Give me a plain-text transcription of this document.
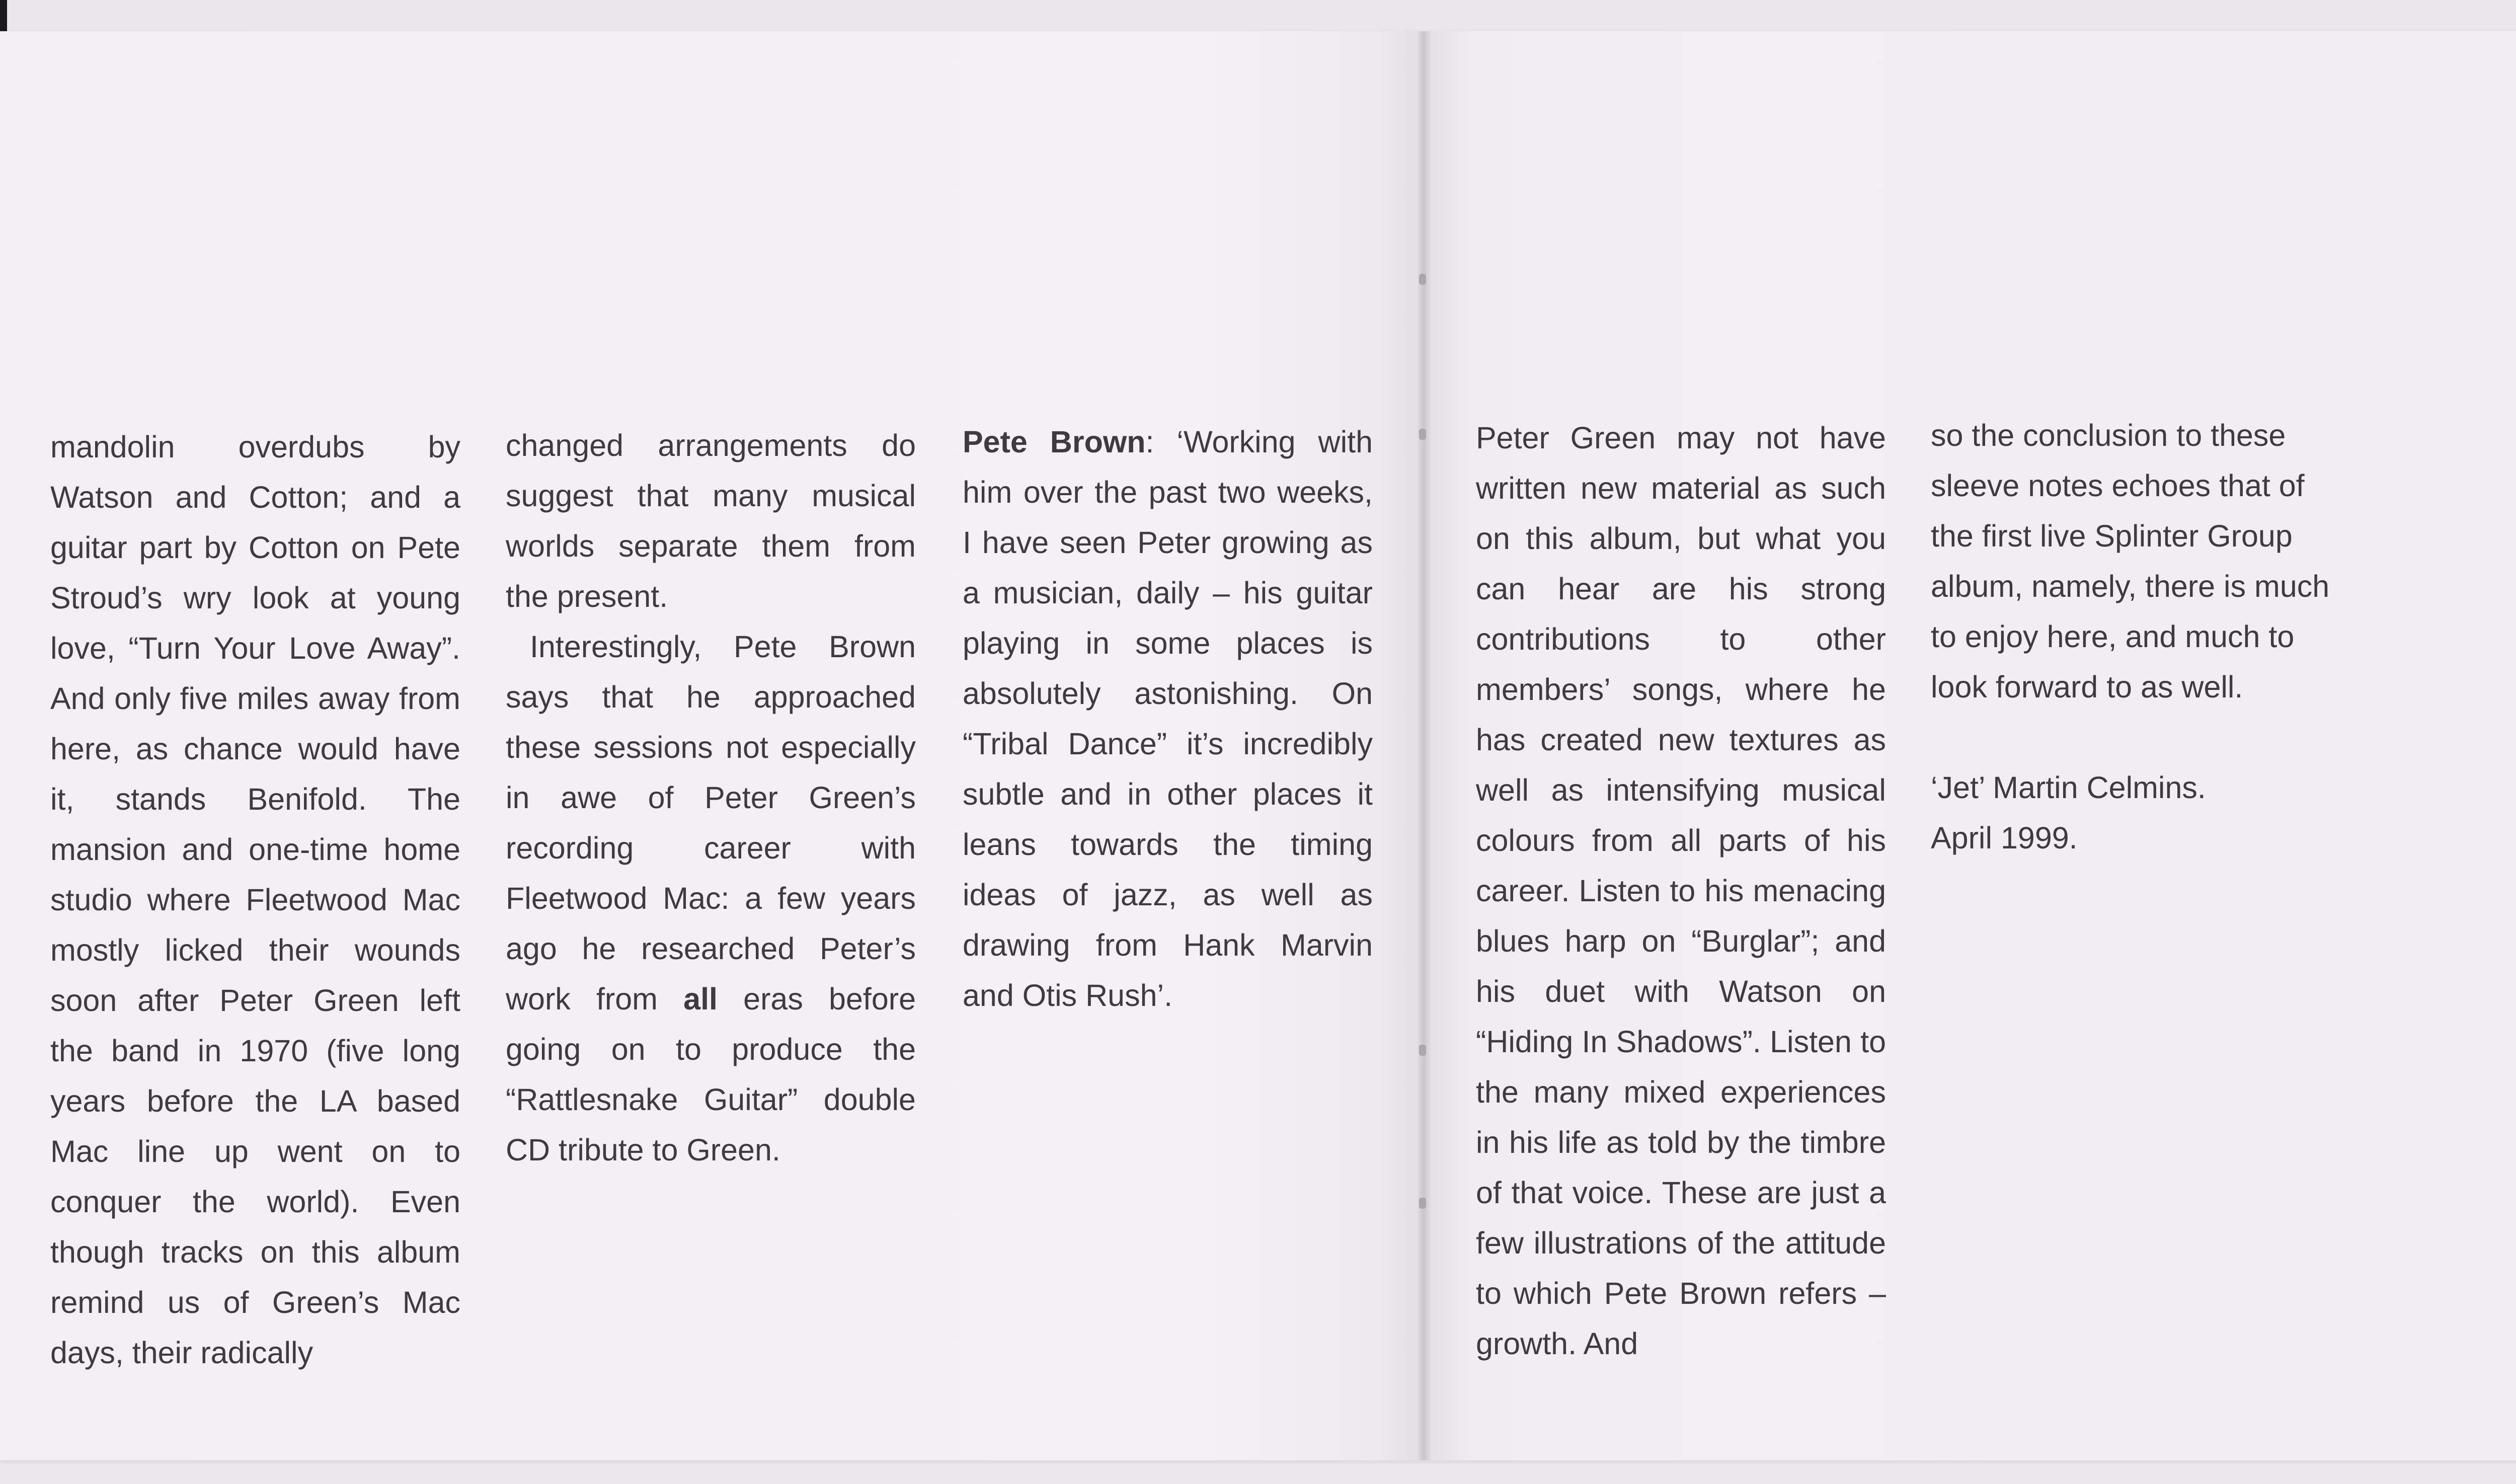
mandolin overdubs by Watson and Cotton; and a guitar part by Cotton on Pete Stroud’s wry look at young love, “Turn Your Love Away”. And only five miles away from here, as chance would have it, stands Benifold. The mansion and one-time home studio where Fleetwood Mac mostly licked their wounds soon after Peter Green left the band in 1970 (five long years before the LA based Mac line up went on to conquer the world). Even though tracks on this album remind us of Green’s Mac days, their radically

changed arrangements do suggest that many musical worlds separate them from the present.

Interestingly, Pete Brown says that he approached these sessions not especially in awe of Peter Green’s recording career with Fleetwood Mac: a few years ago he researched Peter’s work from all eras before going on to produce the “Rattlesnake Guitar” double CD tribute to Green.

Pete Brown: ‘Working with him over the past two weeks, I have seen Peter growing as a musician, daily – his guitar playing in some places is absolutely astonishing. On “Tribal Dance” it’s incredibly subtle and in other places it leans towards the timing ideas of jazz, as well as drawing from Hank Marvin and Otis Rush’.

Peter Green may not have written new material as such on this album, but what you can hear are his strong contributions to other members’ songs, where he has created new textures as well as intensifying musical colours from all parts of his career. Listen to his menacing blues harp on “Burglar”; and his duet with Watson on “Hiding In Shadows”. Listen to the many mixed experiences in his life as told by the timbre of that voice. These are just a few illustrations of the attitude to which Pete Brown refers – growth. And

so the conclusion to these sleeve notes echoes that of the first live Splinter Group album, namely, there is much to enjoy here, and much to look forward to as well.

‘Jet’ Martin Celmins.

April 1999.
